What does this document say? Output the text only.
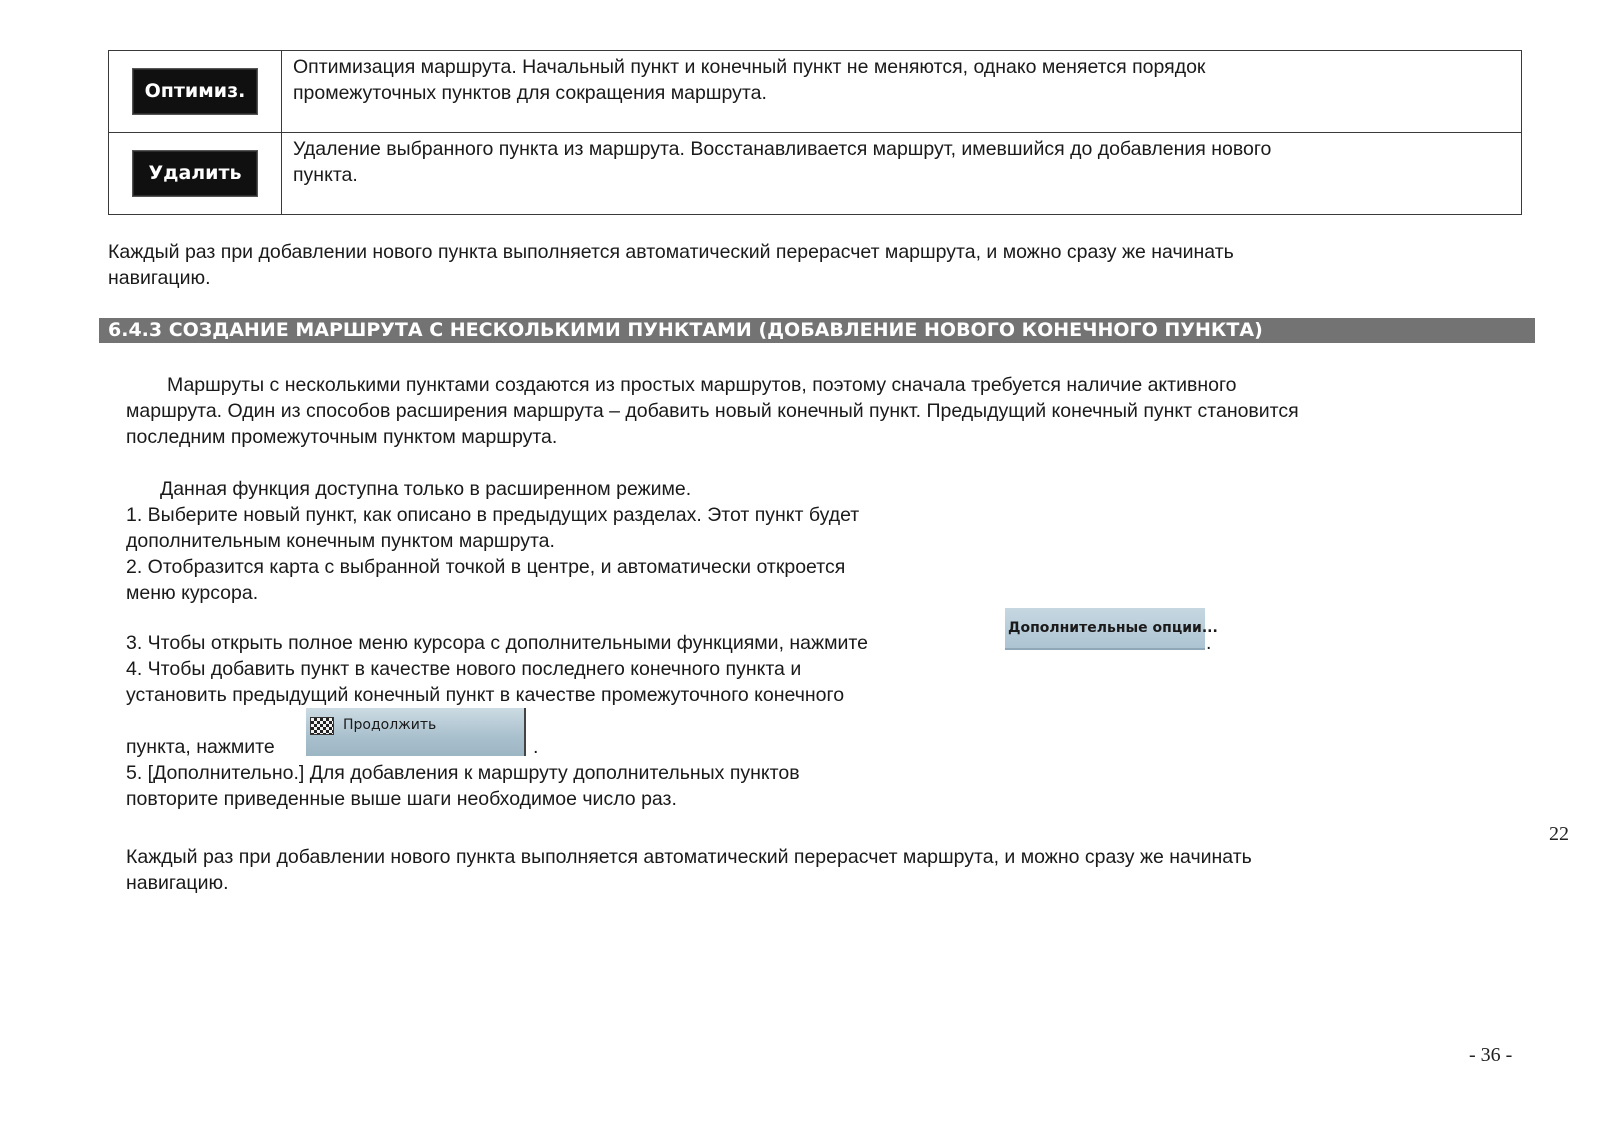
Оптимиз.	Оптимизация маршрута. Начальный пункт и конечный пункт не меняются, однако меняется порядок
промежуточных пунктов для сокращения маршрута.

Удалить	Удаление выбранного пункта из маршрута. Восстанавливается маршрут, имевшийся до добавления нового
пункта.

Каждый раз при добавлении нового пункта выполняется автоматический перерасчет маршрута, и можно сразу же начинать

навигацию.

6.4.3 СОЗДАНИЕ МАРШРУТА С НЕСКОЛЬКИМИ ПУНКТАМИ (ДОБАВЛЕНИЕ НОВОГО КОНЕЧНОГО ПУНКТА)

Маршруты с несколькими пунктами создаются из простых маршрутов, поэтому сначала требуется наличие активного

маршрута. Один из способов расширения маршрута – добавить новый конечный пункт. Предыдущий конечный пункт становится

последним промежуточным пунктом маршрута.

Данная функция доступна только в расширенном режиме.

1. Выберите новый пункт, как описано в предыдущих разделах. Этот пункт будет

дополнительным конечным пунктом маршрута.

2. Отобразится карта с выбранной точкой в центре, и автоматически откроется

меню курсора.

3. Чтобы открыть полное меню курсора с дополнительными функциями, нажмите

Дополнительные опции...

.

4. Чтобы добавить пункт в качестве нового последнего конечного пункта и

установить предыдущий конечный пункт в качестве промежуточного конечного

пункта, нажмите

Продолжить

.

5. [Дополнительно.] Для добавления к маршруту дополнительных пунктов

повторите приведенные выше шаги необходимое число раз.

22

Каждый раз при добавлении нового пункта выполняется автоматический перерасчет маршрута, и можно сразу же начинать

навигацию.

- 36 -
